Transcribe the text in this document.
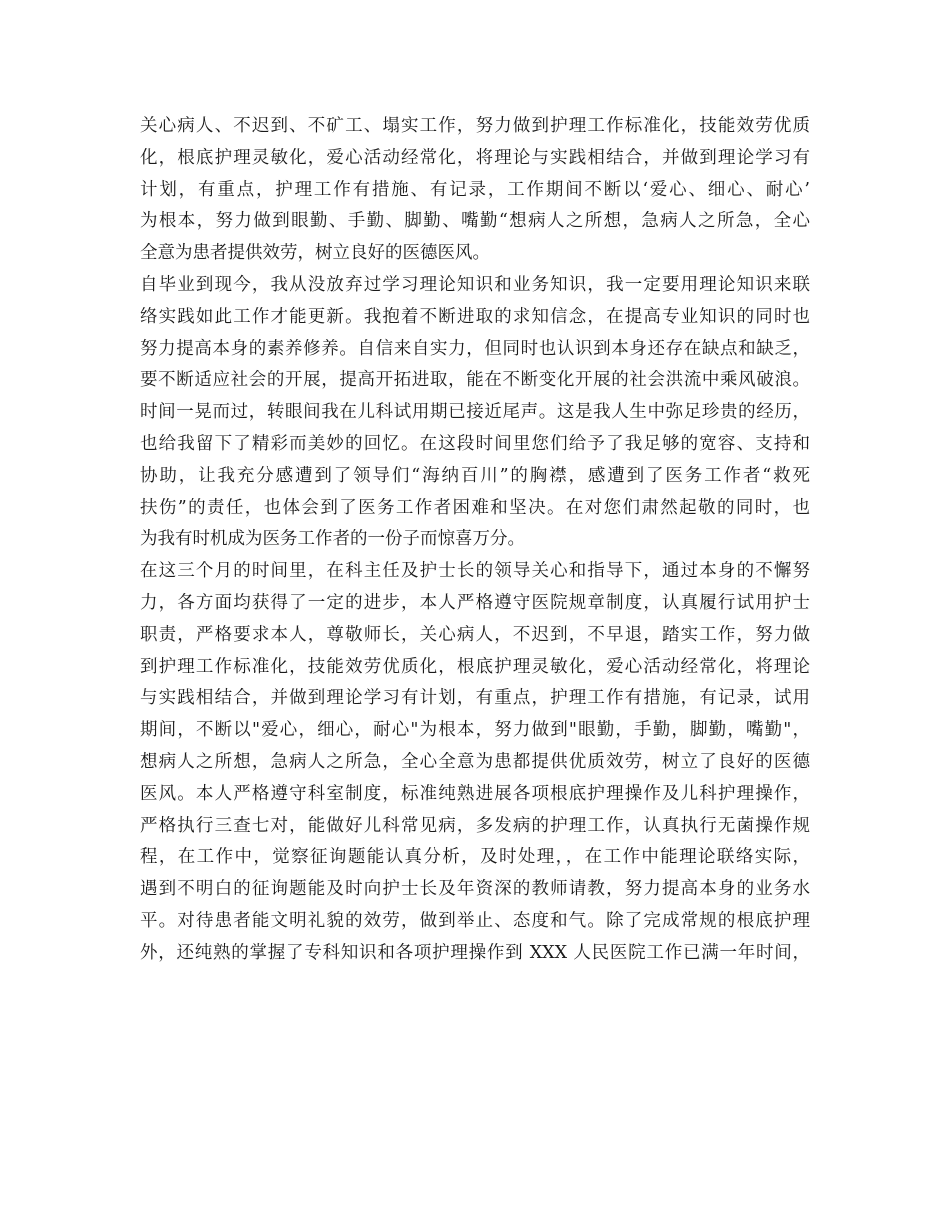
关心病人、不迟到、不矿工、塌实工作，努力做到护理工作标准化，技能效劳优质
化，根底护理灵敏化，爱心活动经常化，将理论与实践相结合，并做到理论学习有
计划，有重点，护理工作有措施、有记录，工作期间不断以‘爱心、细心、耐心’
为根本，努力做到眼勤、手勤、脚勤、嘴勤“想病人之所想，急病人之所急，全心
全意为患者提供效劳，树立良好的医德医风。
自毕业到现今，我从没放弃过学习理论知识和业务知识，我一定要用理论知识来联
络实践如此工作才能更新。我抱着不断进取的求知信念，在提高专业知识的同时也
努力提高本身的素养修养。自信来自实力，但同时也认识到本身还存在缺点和缺乏，
要不断适应社会的开展，提高开拓进取，能在不断变化开展的社会洪流中乘风破浪。
时间一晃而过，转眼间我在儿科试用期已接近尾声。这是我人生中弥足珍贵的经历，
也给我留下了精彩而美妙的回忆。在这段时间里您们给予了我足够的宽容、支持和
协助，让我充分感遭到了领导们“海纳百川”的胸襟，感遭到了医务工作者“救死
扶伤”的责任，也体会到了医务工作者困难和坚决。在对您们肃然起敬的同时，也
为我有时机成为医务工作者的一份子而惊喜万分。
在这三个月的时间里，在科主任及护士长的领导关心和指导下，通过本身的不懈努
力，各方面均获得了一定的进步，本人严格遵守医院规章制度，认真履行试用护士
职责，严格要求本人，尊敬师长，关心病人，不迟到，不早退，踏实工作，努力做
到护理工作标准化，技能效劳优质化，根底护理灵敏化，爱心活动经常化，将理论
与实践相结合，并做到理论学习有计划，有重点，护理工作有措施，有记录，试用
期间，不断以"爱心，细心，耐心"为根本，努力做到"眼勤，手勤，脚勤，嘴勤"，
想病人之所想，急病人之所急，全心全意为患都提供优质效劳，树立了良好的医德
医风。本人严格遵守科室制度，标准纯熟进展各项根底护理操作及儿科护理操作，
严格执行三查七对，能做好儿科常见病，多发病的护理工作，认真执行无菌操作规
程，在工作中，觉察征询题能认真分析，及时处理，，在工作中能理论联络实际，
遇到不明白的征询题能及时向护士长及年资深的教师请教，努力提高本身的业务水
平。对待患者能文明礼貌的效劳，做到举止、态度和气。除了完成常规的根底护理
外，还纯熟的掌握了专科知识和各项护理操作到 XXX 人民医院工作已满一年时间，
